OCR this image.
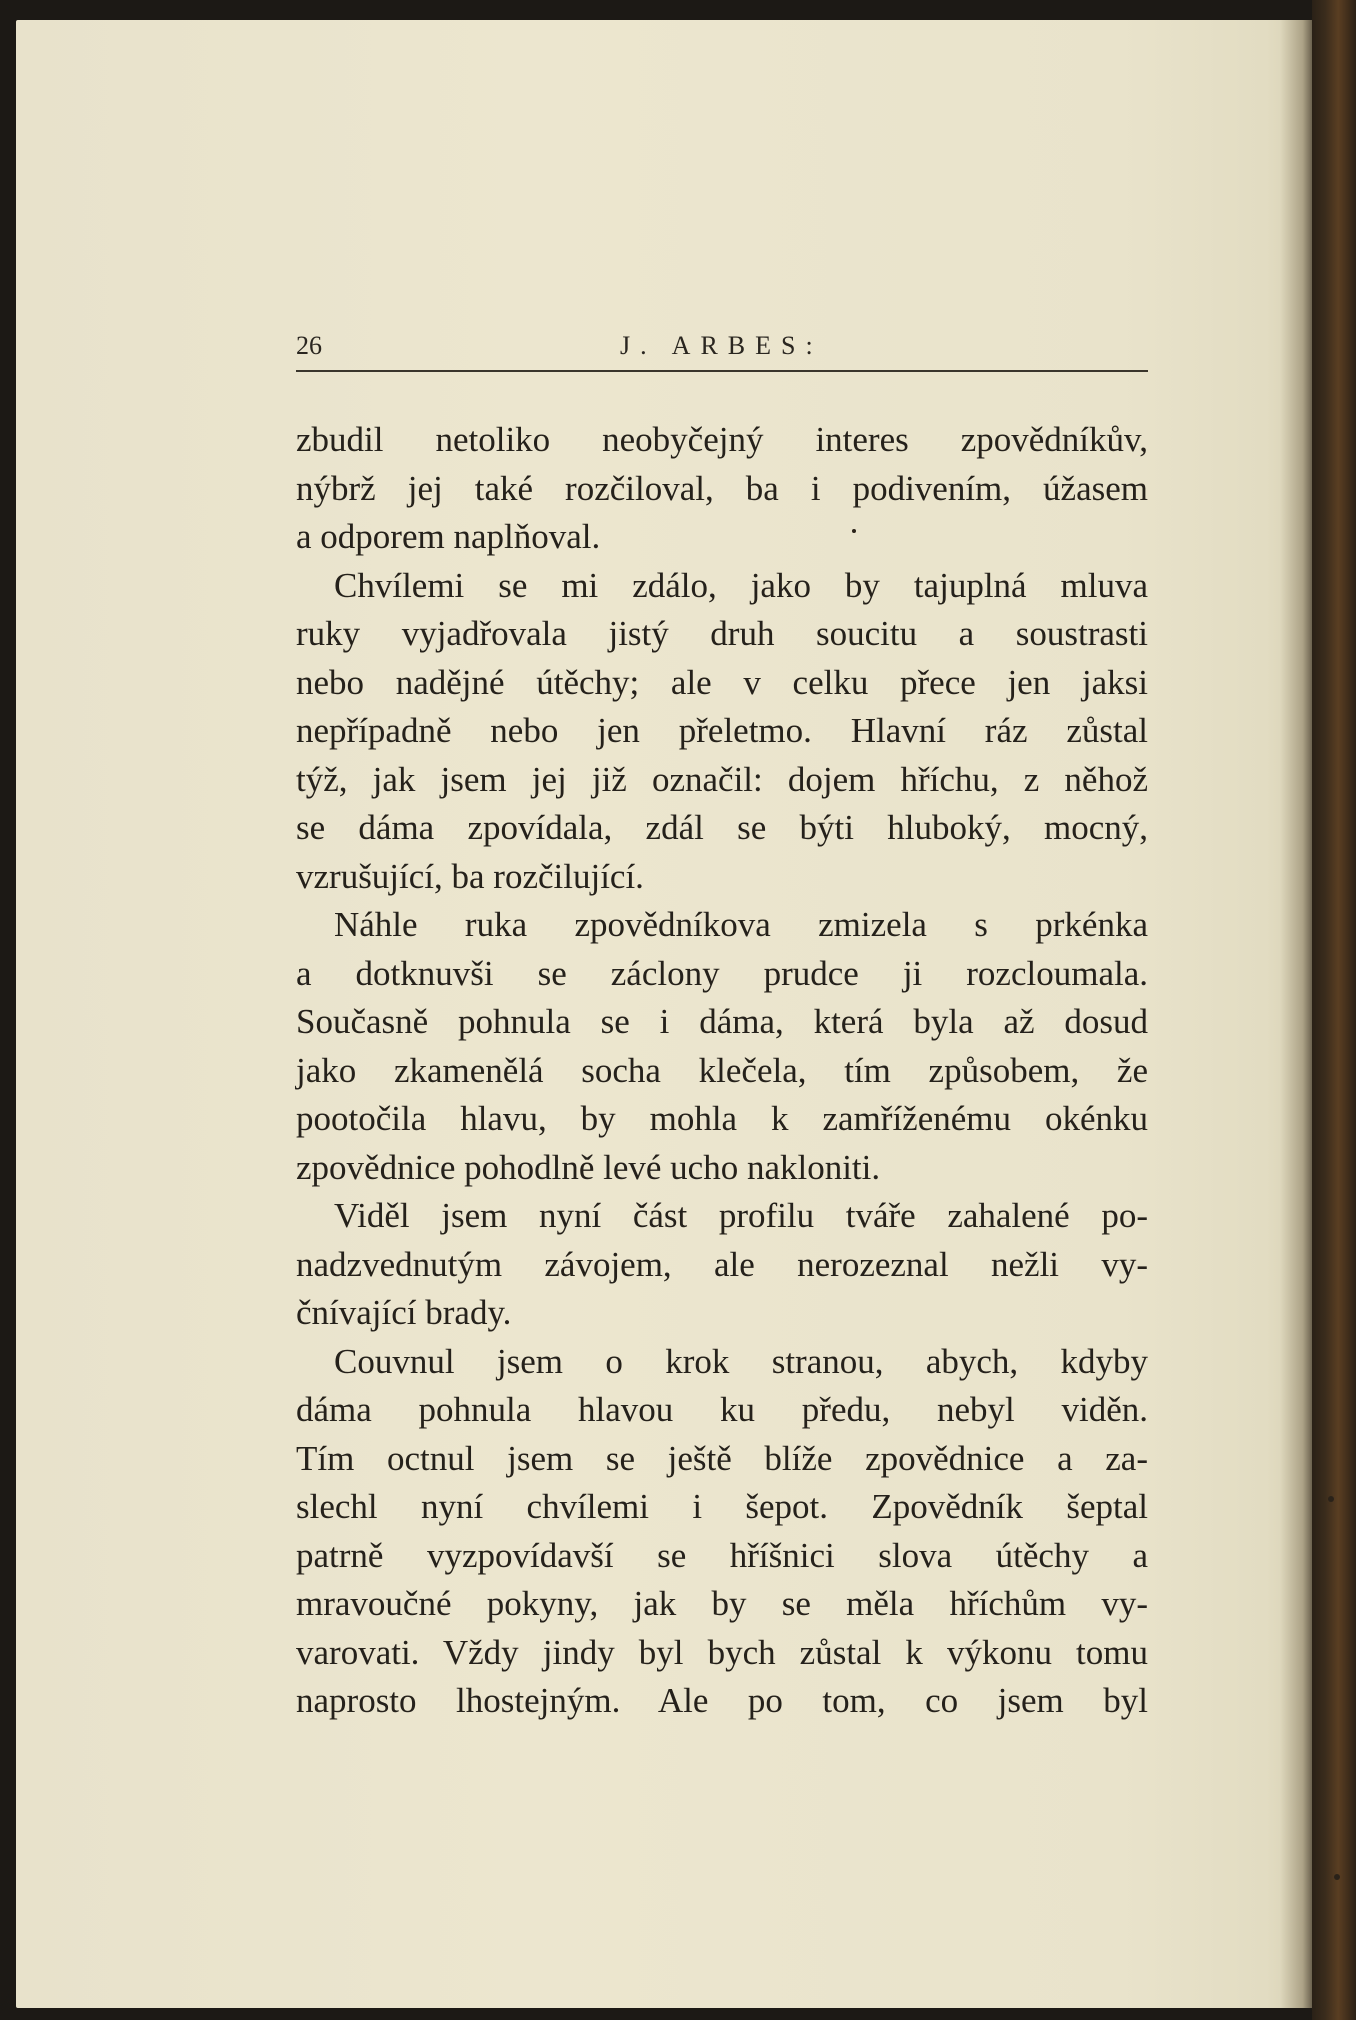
26	J. ARBES:
zbudil netoliko neobyčejný interes zpovědníkův,
nýbrž jej také rozčiloval, ba i podivením, úžasem
a odporem naplňoval.
Chvílemi se mi zdálo, jako by tajuplná mluva
ruky vyjadřovala jistý druh soucitu a soustrasti
nebo nadějné útěchy; ale v celku přece jen jaksi
nepřípadně nebo jen přeletmo. Hlavní ráz zůstal
týž, jak jsem jej již označil: dojem hříchu, z něhož
se dáma zpovídala, zdál se býti hluboký, mocný,
vzrušující, ba rozčilující.
Náhle ruka zpovědníkova zmizela s prkénka
a dotknuvši se záclony prudce ji rozcloumala.
Současně pohnula se i dáma, která byla až dosud
jako zkamenělá socha klečela, tím způsobem, že
pootočila hlavu, by mohla k zamříženému okénku
zpovědnice pohodlně levé ucho nakloniti.
Viděl jsem nyní část profilu tváře zahalené po-
nadzvednutým závojem, ale nerozeznal nežli vy-
čnívající brady.
Couvnul jsem o krok stranou, abych, kdyby
dáma pohnula hlavou ku předu, nebyl viděn.
Tím octnul jsem se ještě blíže zpovědnice a za-
slechl nyní chvílemi i šepot. Zpovědník šeptal
patrně vyzpovídavší se hříšnici slova útěchy a
mravoučné pokyny, jak by se měla hříchům vy-
varovati. Vždy jindy byl bych zůstal k výkonu tomu
naprosto lhostejným. Ale po tom, co jsem byl
